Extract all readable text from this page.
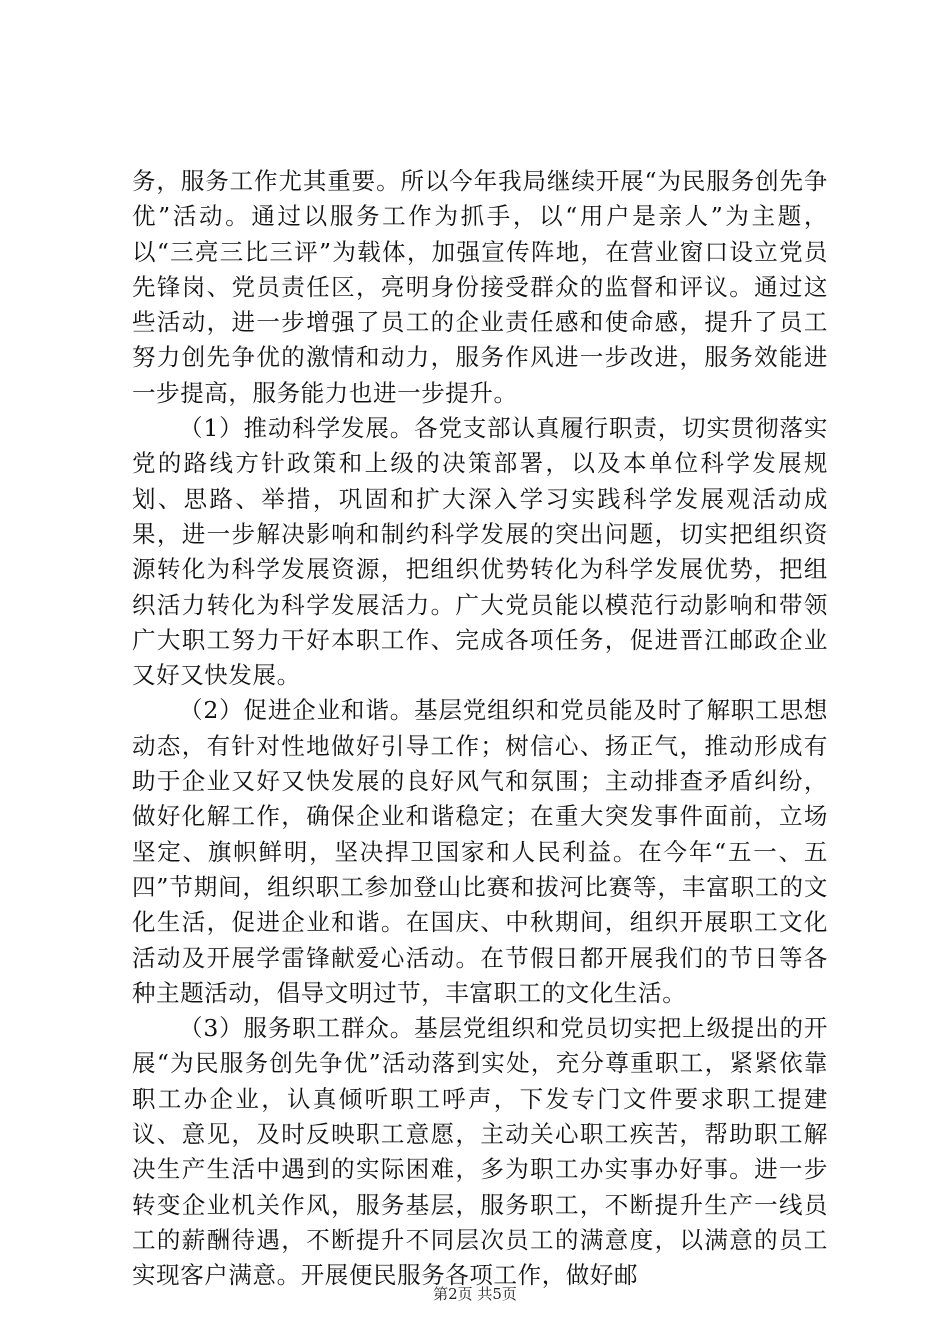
务，服务工作尤其重要。所以今年我局继续开展“为民服务创先争优”活动。通过以服务工作为抓手，以“用户是亲人”为主题，以“三亮三比三评”为载体，加强宣传阵地，在营业窗口设立党员先锋岗、党员责任区，亮明身份接受群众的监督和评议。通过这些活动，进一步增强了员工的企业责任感和使命感，提升了员工努力创先争优的激情和动力，服务作风进一步改进，服务效能进一步提高，服务能力也进一步提升。

（1）推动科学发展。各党支部认真履行职责，切实贯彻落实党的路线方针政策和上级的决策部署，以及本单位科学发展规划、思路、举措，巩固和扩大深入学习实践科学发展观活动成果，进一步解决影响和制约科学发展的突出问题，切实把组织资源转化为科学发展资源，把组织优势转化为科学发展优势，把组织活力转化为科学发展活力。广大党员能以模范行动影响和带领广大职工努力干好本职工作、完成各项任务，促进晋江邮政企业又好又快发展。

（2）促进企业和谐。基层党组织和党员能及时了解职工思想动态，有针对性地做好引导工作；树信心、扬正气，推动形成有助于企业又好又快发展的良好风气和氛围；主动排查矛盾纠纷，做好化解工作，确保企业和谐稳定；在重大突发事件面前，立场坚定、旗帜鲜明，坚决捍卫国家和人民利益。在今年“五一、五四”节期间，组织职工参加登山比赛和拔河比赛等，丰富职工的文化生活，促进企业和谐。在国庆、中秋期间，组织开展职工文化活动及开展学雷锋献爱心活动。在节假日都开展我们的节日等各种主题活动，倡导文明过节，丰富职工的文化生活。

（3）服务职工群众。基层党组织和党员切实把上级提出的开展“为民服务创先争优”活动落到实处，充分尊重职工，紧紧依靠职工办企业，认真倾听职工呼声，下发专门文件要求职工提建议、意见，及时反映职工意愿，主动关心职工疾苦，帮助职工解决生产生活中遇到的实际困难，多为职工办实事办好事。进一步转变企业机关作风，服务基层，服务职工，不断提升生产一线员工的薪酬待遇，不断提升不同层次员工的满意度，以满意的员工实现客户满意。开展便民服务各项工作，做好邮

第2页 共5页
